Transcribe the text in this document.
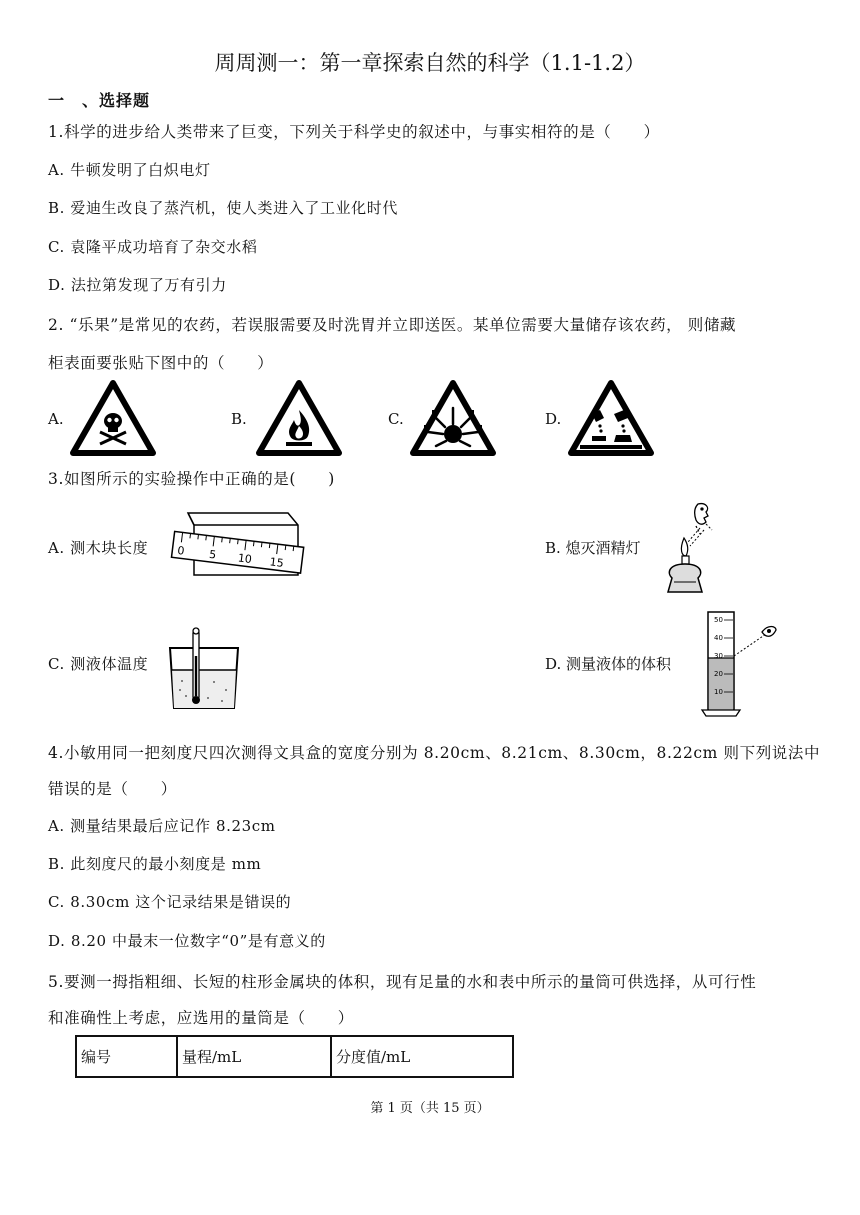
周周测一：第一章探索自然的科学（1.1-1.2）
一　、选择题
1.科学的进步给人类带来了巨变，下列关于科学史的叙述中，与事实相符的是（　　）
A. 牛顿发明了白炽电灯
B. 爱迪生改良了蒸汽机，使人类进入了工业化时代
C. 袁隆平成功培育了杂交水稻
D. 法拉第发现了万有引力
2. “乐果”是常见的农药，若误服需要及时洗胃并立即送医。某单位需要大量储存该农药， 则储藏
柜表面要张贴下图中的（　　）
A.	B.	C.	D.
3.如图所示的实验操作中正确的是(　　)
A. 测木块长度	0 5 10 15
B. 熄灭酒精灯
C. 测液体温度	D. 测量液体的体积
50
40
30
20
10
4.小敏用同一把刻度尺四次测得文具盒的宽度分别为 8.20cm、8.21cm、8.30cm，8.22cm 则下列说法中
错误的是（　　）
A. 测量结果最后应记作 8.23cm
B. 此刻度尺的最小刻度是 mm
C. 8.30cm 这个记录结果是错误的
D. 8.20 中最末一位数字“0”是有意义的
5.要测一拇指粗细、长短的柱形金属块的体积，现有足量的水和表中所示的量筒可供选择，从可行性
和准确性上考虑，应选用的量筒是（　　）
编号	量程/mL	分度值/mL
第 1 页（共 15 页）
